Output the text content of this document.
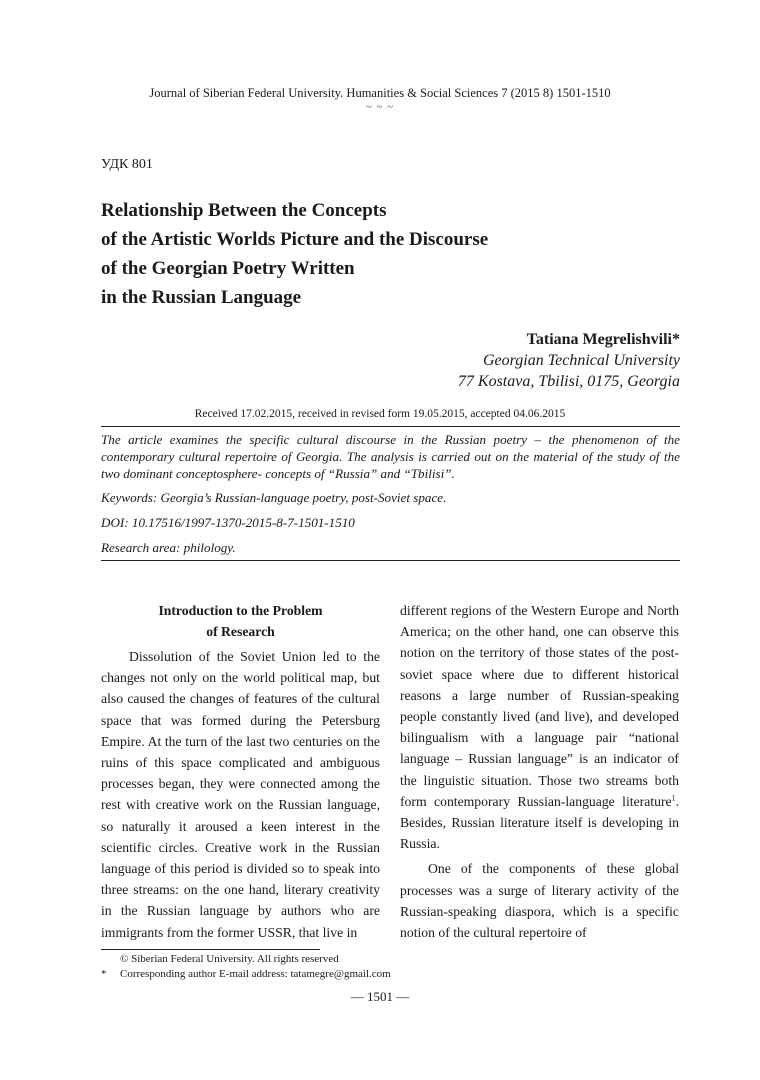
Journal of Siberian Federal University. Humanities & Social Sciences 7 (2015 8) 1501-1510
~ ~ ~
УДК 801
Relationship Between the Concepts
of the Artistic Worlds Picture and the Discourse
of the Georgian Poetry Written
in the Russian Language
Tatiana Megrelishvili*
Georgian Technical University
77 Kostava, Tbilisi, 0175, Georgia
Received 17.02.2015, received in revised form 19.05.2015, accepted 04.06.2015
The article examines the specific cultural discourse in the Russian poetry – the phenomenon of the contemporary cultural repertoire of Georgia. The analysis is carried out on the material of the study of the two dominant conceptosphere- concepts of “Russia” and “Tbilisi”.
Keywords: Georgia’s Russian-language poetry, post-Soviet space.
DOI: 10.17516/1997-1370-2015-8-7-1501-1510
Research area: philology.
Introduction to the Problem
of Research

Dissolution of the Soviet Union led to the changes not only on the world political map, but also caused the changes of features of the cultural space that was formed during the Petersburg Empire. At the turn of the last two centuries on the ruins of this space complicated and ambiguous processes began, they were connected among the rest with creative work on the Russian language, so naturally it aroused a keen interest in the scientific circles. Creative work in the Russian language of this period is divided so to speak into three streams: on the one hand, literary creativity in the Russian language by authors who are immigrants from the former USSR, that live in

different regions of the Western Europe and North America; on the other hand, one can observe this notion on the territory of those states of the post-soviet space where due to different historical reasons a large number of Russian-speaking people constantly lived (and live), and developed bilingualism with a language pair “national language – Russian language” is an indicator of the linguistic situation. Those two streams both form contemporary Russian-language literature$^1$. Besides, Russian literature itself is developing in Russia.

One of the components of these global processes was a surge of literary activity of the Russian-speaking diaspora, which is a specific notion of the cultural repertoire of

© Siberian Federal University. All rights reserved
* Corresponding author E-mail address: tatamegre@gmail.com
— 1501 —
